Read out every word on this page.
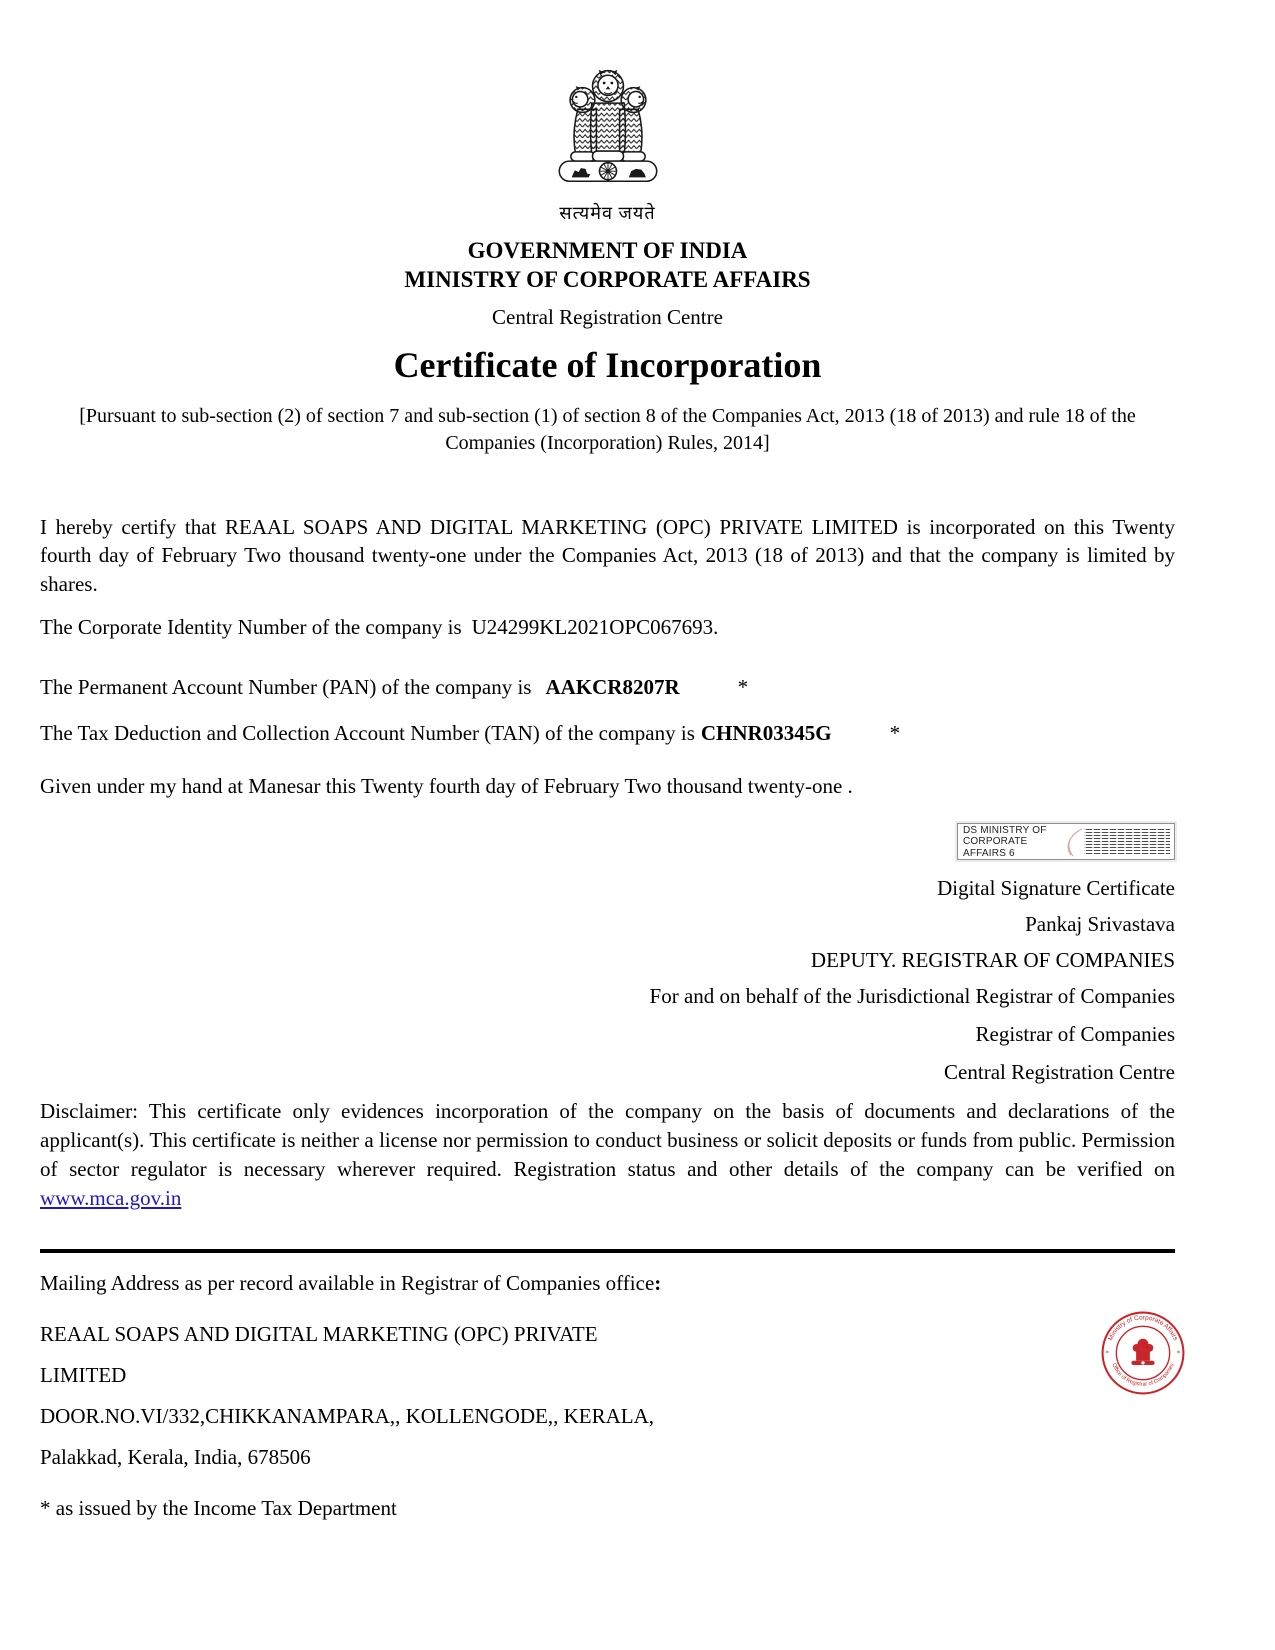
सत्यमेव जयते
GOVERNMENT OF INDIA
MINISTRY OF CORPORATE AFFAIRS
Central Registration Centre
Certificate of Incorporation
[Pursuant to sub-section (2) of section 7 and sub-section (1) of section 8 of the Companies Act, 2013 (18 of 2013) and rule 18 of the Companies (Incorporation) Rules, 2014]
I hereby certify that REAAL SOAPS AND DIGITAL MARKETING (OPC) PRIVATE LIMITED is incorporated on this Twenty fourth day of February Two thousand twenty-one under the Companies Act, 2013 (18 of 2013) and that the company is limited by shares.
The Corporate Identity Number of the company is U24299KL2021OPC067693.
The Permanent Account Number (PAN) of the company is AAKCR8207R	*
The Tax Deduction and Collection Account Number (TAN) of the company is CHNR03345G	*
Given under my hand at Manesar this Twenty fourth day of February Two thousand twenty-one .
DS MINISTRY OF CORPORATE AFFAIRS 6
Digital Signature Certificate
Pankaj Srivastava
DEPUTY. REGISTRAR OF COMPANIES
For and on behalf of the Jurisdictional Registrar of Companies
Registrar of Companies
Central Registration Centre
Disclaimer: This certificate only evidences incorporation of the company on the basis of documents and declarations of the applicant(s). This certificate is neither a license nor permission to conduct business or solicit deposits or funds from public. Permission of sector regulator is necessary wherever required. Registration status and other details of the company can be verified on www.mca.gov.in
Mailing Address as per record available in Registrar of Companies office:
REAAL SOAPS AND DIGITAL MARKETING (OPC) PRIVATE
LIMITED
DOOR.NO.VI/332,CHIKKANAMPARA,, KOLLENGODE,, KERALA,
Palakkad, Kerala, India, 678506
* as issued by the Income Tax Department
Ministry of Corporate Affairs
Office of Registrar of Companies
*	*
